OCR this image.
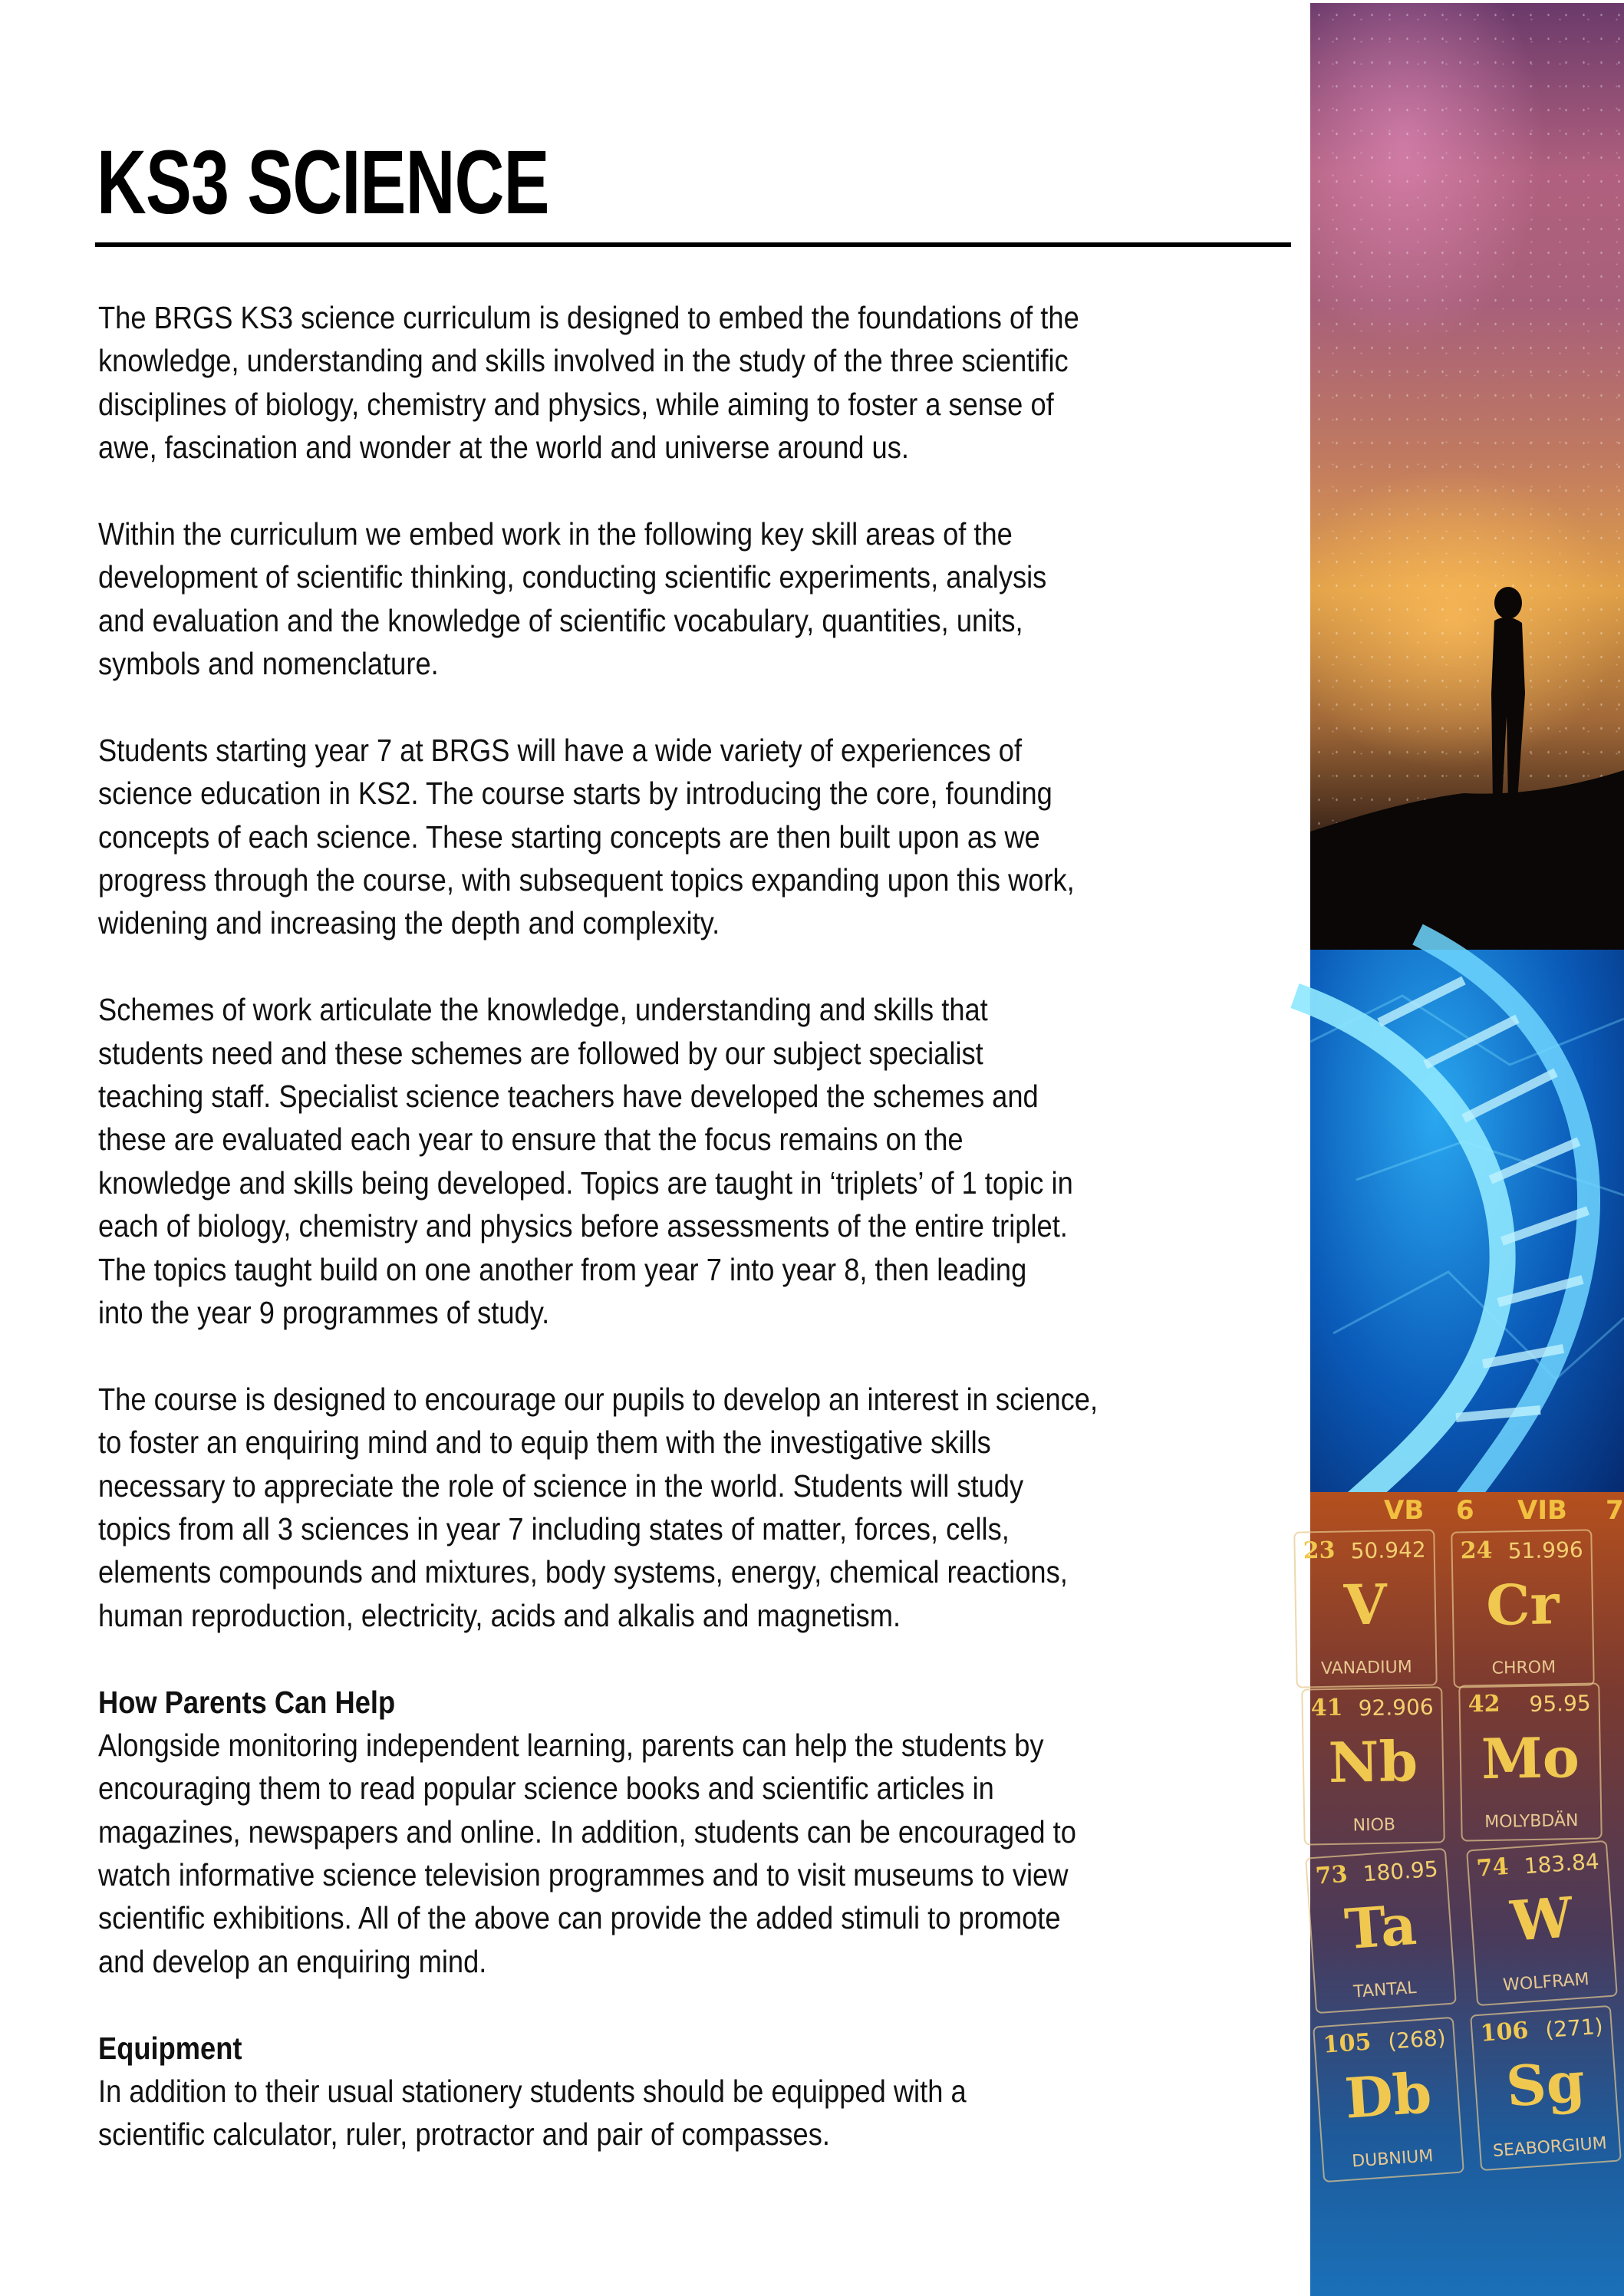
KS3 SCIENCE
The BRGS KS3 science curriculum is designed to embed the foundations of the
knowledge, understanding and skills involved in the study of the three scientific
disciplines of biology, chemistry and physics, while aiming to foster a sense of
awe, fascination and wonder at the world and universe around us.
Within the curriculum we embed work in the following key skill areas of the
development of scientific thinking, conducting scientific experiments, analysis
and evaluation and the knowledge of scientific vocabulary, quantities, units,
symbols and nomenclature.
Students starting year 7 at BRGS will have a wide variety of experiences of
science education in KS2. The course starts by introducing the core, founding
concepts of each science. These starting concepts are then built upon as we
progress through the course, with subsequent topics expanding upon this work,
widening and increasing the depth and complexity.
Schemes of work articulate the knowledge, understanding and skills that
students need and these schemes are followed by our subject specialist
teaching staff. Specialist science teachers have developed the schemes and
these are evaluated each year to ensure that the focus remains on the
knowledge and skills being developed. Topics are taught in ‘triplets’ of 1 topic in
each of biology, chemistry and physics before assessments of the entire triplet.
The topics taught build on one another from year 7 into year 8, then leading
into the year 9 programmes of study.
The course is designed to encourage our pupils to develop an interest in science,
to foster an enquiring mind and to equip them with the investigative skills
necessary to appreciate the role of science in the world. Students will study
topics from all 3 sciences in year 7 including states of matter, forces, cells,
elements compounds and mixtures, body systems, energy, chemical reactions,
human reproduction, electricity, acids and alkalis and magnetism.
How Parents Can Help
Alongside monitoring independent learning, parents can help the students by
encouraging them to read popular science books and scientific articles in
magazines, newspapers and online. In addition, students can be encouraged to
watch informative science television programmes and to visit museums to view
scientific exhibitions. All of the above can provide the added stimuli to promote
and develop an enquiring mind.
Equipment
In addition to their usual stationery students should be equipped with a
scientific calculator, ruler, protractor and pair of compasses.
VB 6 VIB 7
23 50.942
V
VANADIUM
24 51.996
Cr
CHROM
41 92.906
Nb
NIOB
42 95.95
Mo
MOLYBDÄN
73 180.95
Ta
TANTAL
74 183.84
W
WOLFRAM
105 (268)
Db
DUBNIUM
106 (271)
Sg
SEABORGIUM
